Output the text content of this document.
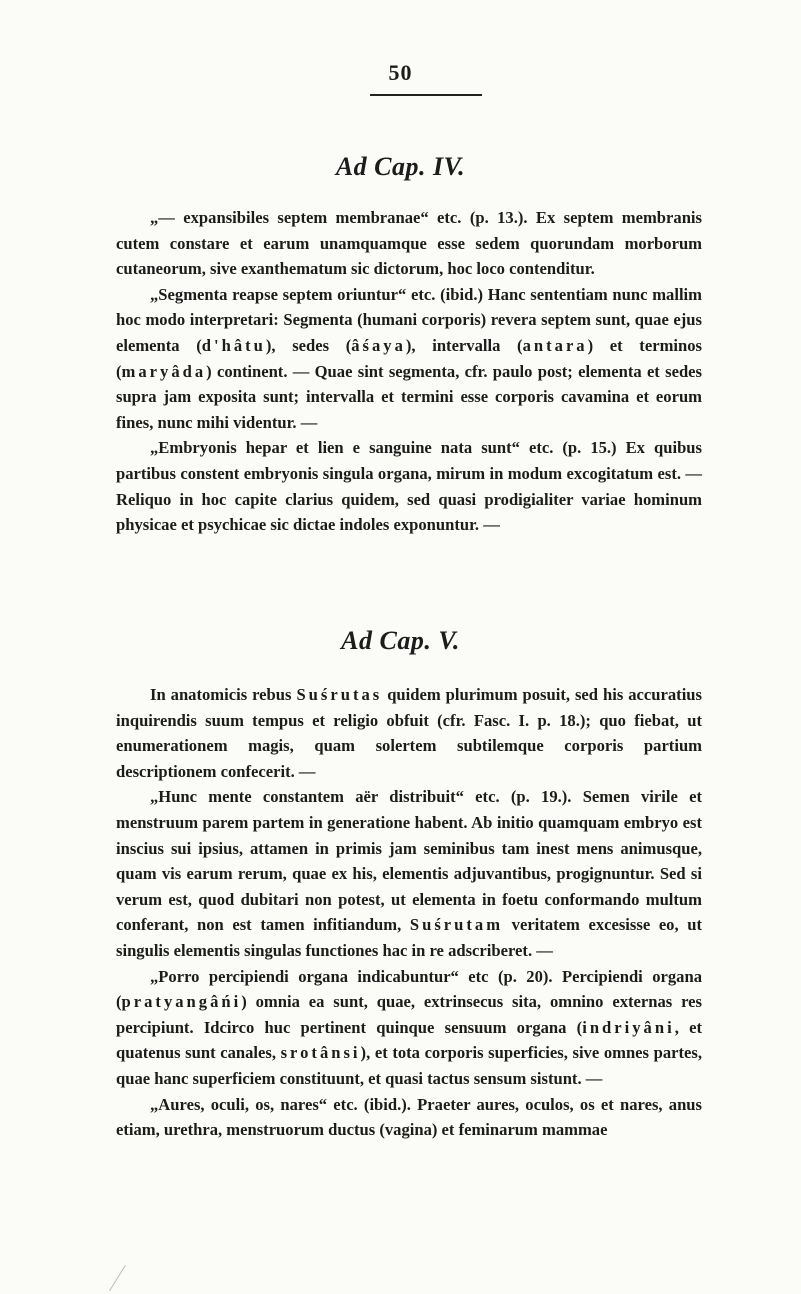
50
Ad Cap. IV.

„— expansibiles septem membranae“ etc. (p. 13.). Ex septem membranis cutem constare et earum unamquamque esse sedem quorundam morborum cutaneorum, sive exanthematum sic dictorum, hoc loco contenditur.

„Segmenta reapse septem oriuntur“ etc. (ibid.) Hanc sententiam nunc mallim hoc modo interpretari: Segmenta (humani corporis) revera septem sunt, quae ejus elementa (d'hâtu), sedes (âśaya), intervalla (antara) et terminos (maryâda) continent. — Quae sint segmenta, cfr. paulo post; elementa et sedes supra jam exposita sunt; intervalla et termini esse corporis cavamina et eorum fines, nunc mihi videntur. —

„Embryonis hepar et lien e sanguine nata sunt“ etc. (p. 15.) Ex quibus partibus constent embryonis singula organa, mirum in modum excogitatum est. — Reliquo in hoc capite clarius quidem, sed quasi prodigialiter variae hominum physicae et psychicae sic dictae indoles exponuntur. —

Ad Cap. V.

In anatomicis rebus Suśrutas quidem plurimum posuit, sed his accuratius inquirendis suum tempus et religio obfuit (cfr. Fasc. I. p. 18.); quo fiebat, ut enumerationem magis, quam solertem subtilemque corporis partium descriptionem confecerit. —

„Hunc mente constantem aër distribuit“ etc. (p. 19.). Semen virile et menstruum parem partem in generatione habent. Ab initio quamquam embryo est inscius sui ipsius, attamen in primis jam seminibus tam inest mens animusque, quam vis earum rerum, quae ex his, elementis adjuvantibus, progignuntur. Sed si verum est, quod dubitari non potest, ut elementa in foetu conformando multum conferant, non est tamen infitiandum, Suśrutam veritatem excesisse eo, ut singulis elementis singulas functiones hac in re adscriberet. —

„Porro percipiendi organa indicabuntur“ etc (p. 20). Percipiendi organa (pratyangâńi) omnia ea sunt, quae, extrinsecus sita, omnino externas res percipiunt. Idcirco huc pertinent quinque sensuum organa (indriyâni, et quatenus sunt canales, srotânsi), et tota corporis superficies, sive omnes partes, quae hanc superficiem constituunt, et quasi tactus sensum sistunt. —

„Aures, oculi, os, nares“ etc. (ibid.). Praeter aures, oculos, os et nares, anus etiam, urethra, menstruorum ductus (vagina) et feminarum mammae
